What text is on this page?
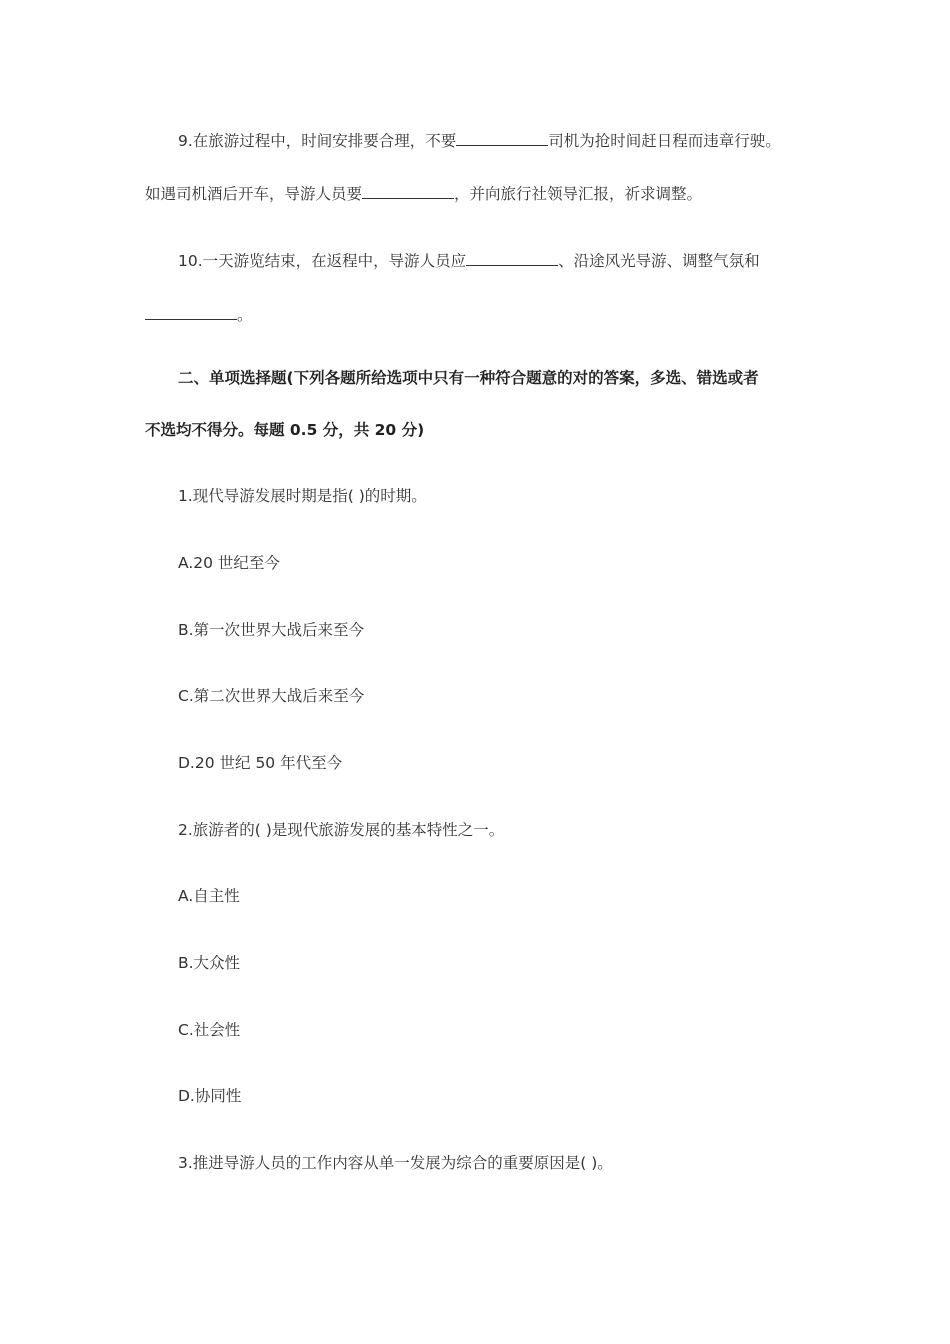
9.在旅游过程中，时间安排要合理，不要	司机为抢时间赶日程而违章行驶。
如遇司机酒后开车，导游人员要	，并向旅行社领导汇报，祈求调整。
10.一天游览结束，在返程中，导游人员应	、沿途风光导游、调整气氛和
。
二、单项选择题(下列各题所给选项中只有一种符合题意的对的答案，多选、错选或者
不选均不得分。每题 0.5 分，共 20 分)
1.现代导游发展时期是指( )的时期。
A.20 世纪至今
B.第一次世界大战后来至今
C.第二次世界大战后来至今
D.20 世纪 50 年代至今
2.旅游者的( )是现代旅游发展的基本特性之一。
A.自主性
B.大众性
C.社会性
D.协同性
3.推进导游人员的工作内容从单一发展为综合的重要原因是( )。
